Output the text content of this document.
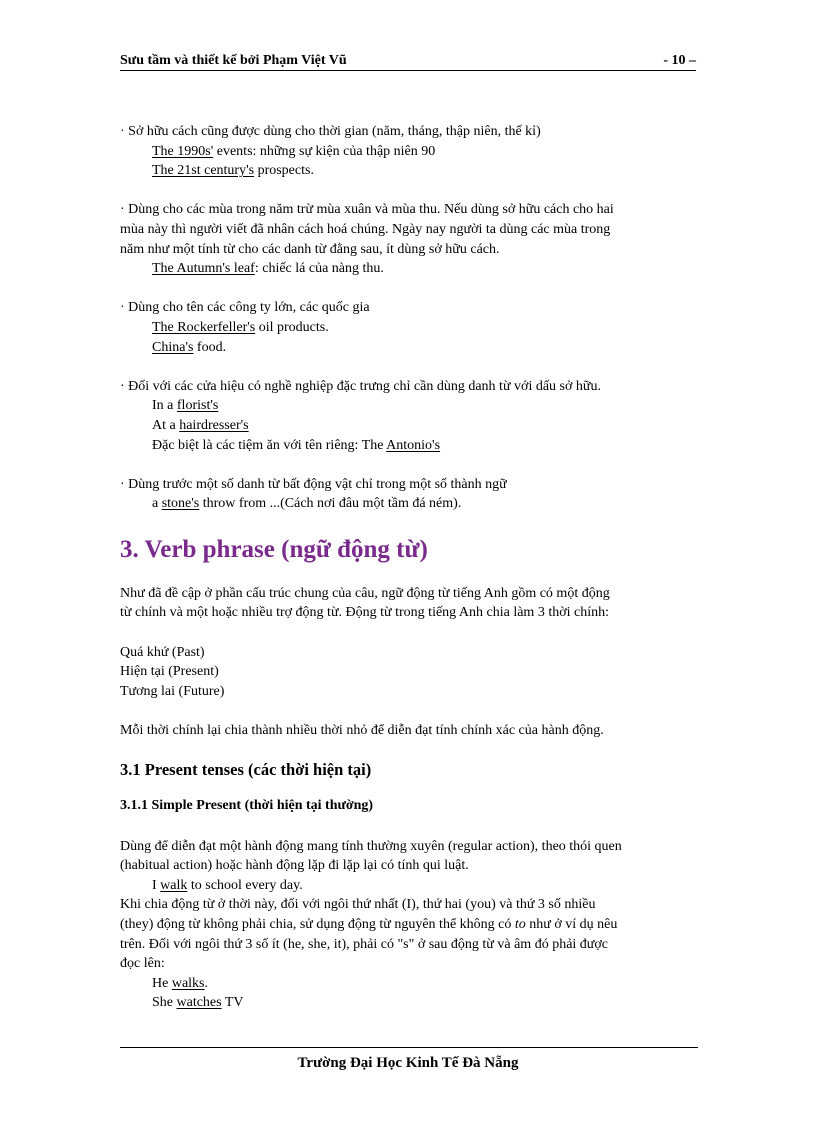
Sưu tầm và thiết kế bởi Phạm Việt Vũ	- 10 –

· Sở hữu cách cũng được dùng cho thời gian (năm, tháng, thập niên, thế kỉ)

The 1990s' events: những sự kiện của thập niên 90

The 21st century's prospects.

· Dùng cho các mùa trong năm trừ mùa xuân và mùa thu. Nếu dùng sở hữu cách cho hai

mùa này thì người viết đã nhân cách hoá chúng. Ngày nay người ta dùng các mùa trong

năm như một tính từ cho các danh từ đằng sau, ít dùng sở hữu cách.

The Autumn's leaf: chiếc lá của nàng thu.

· Dùng cho tên các công ty lớn, các quốc gia

The Rockerfeller's oil products.

China's food.

· Đối với các cửa hiệu có nghề nghiệp đặc trưng chỉ cần dùng danh từ với dấu sở hữu.

In a florist's

At a hairdresser's

Đặc biệt là các tiệm ăn với tên riêng: The Antonio's

· Dùng trước một số danh từ bất động vật chỉ trong một số thành ngữ

a stone's throw from ...(Cách nơi đâu một tầm đá ném).

3. Verb phrase (ngữ động từ)

Như đã đề cập ở phần cấu trúc chung của câu, ngữ động từ tiếng Anh gồm có một động

từ chính và một hoặc nhiều trợ động từ. Động từ trong tiếng Anh chia làm 3 thời chính:

Quá khứ (Past)

Hiện tại (Present)

Tương lai (Future)

Mỗi thời chính lại chia thành nhiều thời nhỏ để diễn đạt tính chính xác của hành động.

3.1 Present tenses (các thời hiện tại)
3.1.1 Simple Present (thời hiện tại thường)

Dùng để diễn đạt một hành động mang tính thường xuyên (regular action), theo thói quen

(habitual action) hoặc hành động lặp đi lặp lại có tính qui luật.

I walk to school every day.

Khi chia động từ ở thời này, đối với ngôi thứ nhất (I), thứ hai (you) và thứ 3 số nhiều

(they) động từ không phải chia, sử dụng động từ nguyên thể không có to như ở ví dụ nêu

trên. Đối với ngôi thứ 3 số ít (he, she, it), phải có "s" ở sau động từ và âm đó phải được

đọc lên:

He walks.

She watches TV

Trường Đại Học Kinh Tế Đà Nẵng
